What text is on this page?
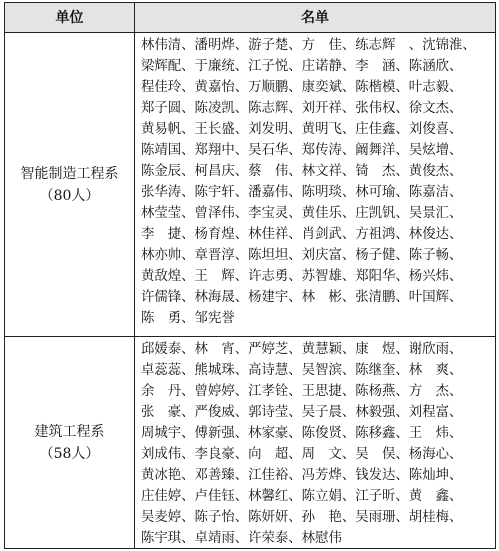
单位	名单
智能制造工程系
（80人）
林伟清、潘明烨、游子楚、方　佳、练志辉　、沈锦淮、
梁辉配、于廉统、江子悦、庄诺静、李　涵、陈涵欣、
程佳玲、黄嘉怡、万顺鹏、康奕斌、陈楷模、叶志毅、
郑子圆、陈凌凯、陈志辉、刘开祥、张伟权、徐文杰、
黄易帆、王长盛、刘发明、黄明飞、庄佳鑫、刘俊喜、
陈靖国、郑翔中、吴石华、郑传涛、阚舞洋、吴炫增、
陈金辰、柯昌庆、蔡　伟、林文祥、锜　杰、黄俊杰、
张华涛、陈宇轩、潘嘉伟、陈明琰、林可瑜、陈嘉洁、
林莹莹、曾泽伟、李宝灵、黄佳乐、庄凯钒、吴景汇、
李　捷、杨育煌、林佳祥、肖剑武、方祖鸿、林俊达、
林亦帅、章晋淳、陈坦坦、刘庆富、杨子健、陈子畅、
黄敌煌、王　辉、许志勇、苏智雄、郑阳华、杨兴炜、
许儒锋、林海晟、杨建宇、林　彬、张清鹏、叶国辉、
陈　勇、邹宪誉
建筑工程系
（58人）
邱媛泰、林　宵、严婷芝、黄慧颖、康　煜、谢欣雨、
卓蕊蕊、熊城珠、高诗慧、吴智滨、陈继奎、林　爽、
余　丹、曾婷婷、江孝铨、王思捷、陈杨燕、方　杰、
张　豪、严俊威、郭诗莹、吴子晨、林毅强、刘程富、
周城宇、傅新强、林家豪、陈俊贤、陈移鑫、王　炜、
刘成伟、李良豪、向　超、周　文、吴　俣、杨海心、
黄冰艳、邓善臻、江佳裕、冯芳烨、钱发达、陈灿坤、
庄佳婷、卢佳钰、林馨红、陈立娟、江子昕、黄　鑫、
吴麦婷、陈子怡、陈妍妍、孙　艳、吴雨珊、胡桂梅、
陈宇琪、卓靖雨、许荣泰、林慰伟
